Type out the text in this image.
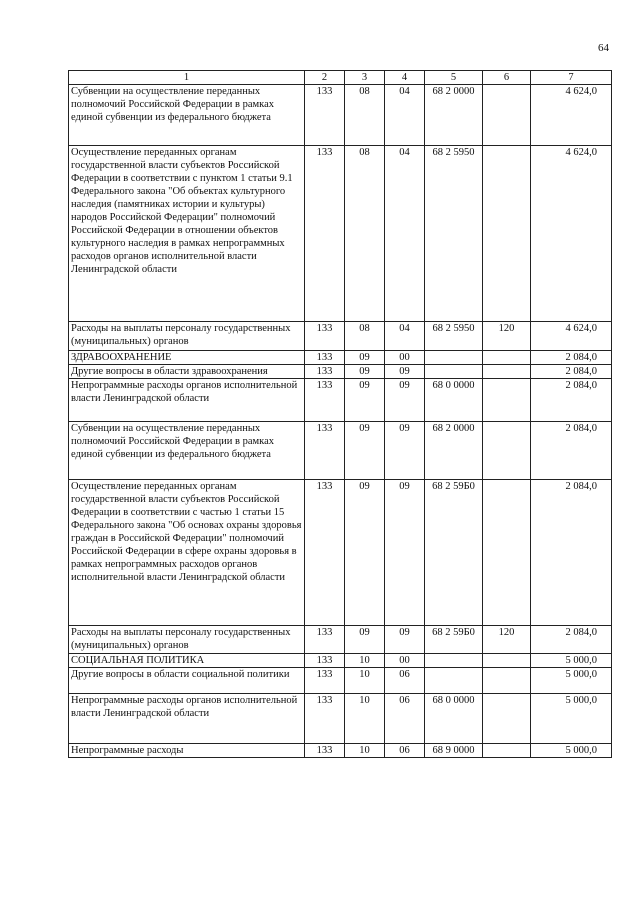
64
1	2	3	4	5	6	7
Субвенции на осуществление переданных полномочий Российской Федерации в рамках единой субвенции из федерального бюджета	133	08	04	68 2 0000		4 624,0
Осуществление переданных органам государственной власти субъектов Российской Федерации в соответствии с пунктом 1 статьи 9.1 Федерального закона "Об объектах культурного наследия (памятниках истории и культуры) народов Российской Федерации" полномочий Российской Федерации в отношении объектов культурного наследия в рамках непрограммных расходов органов исполнительной власти Ленинградской области	133	08	04	68 2 5950		4 624,0
Расходы на выплаты персоналу государственных (муниципальных) органов	133	08	04	68 2 5950	120	4 624,0
ЗДРАВООХРАНЕНИЕ	133	09	00			2 084,0
Другие вопросы в области здравоохранения	133	09	09			2 084,0
Непрограммные расходы органов исполнительной власти Ленинградской области	133	09	09	68 0 0000		2 084,0
Субвенции на осуществление переданных полномочий Российской Федерации в рамках единой субвенции из федерального бюджета	133	09	09	68 2 0000		2 084,0
Осуществление переданных органам государственной власти субъектов Российской Федерации в соответствии с частью 1 статьи 15 Федерального закона "Об основах охраны здоровья граждан в Российской Федерации" полномочий Российской Федерации в сфере охраны здоровья в рамках непрограммных расходов органов исполнительной власти Ленинградской области	133	09	09	68 2 59Б0		2 084,0
Расходы на выплаты персоналу государственных (муниципальных) органов	133	09	09	68 2 59Б0	120	2 084,0
СОЦИАЛЬНАЯ ПОЛИТИКА	133	10	00			5 000,0
Другие вопросы в области социальной политики	133	10	06			5 000,0
Непрограммные расходы органов исполнительной власти Ленинградской области	133	10	06	68 0 0000		5 000,0
Непрограммные расходы	133	10	06	68 9 0000		5 000,0
